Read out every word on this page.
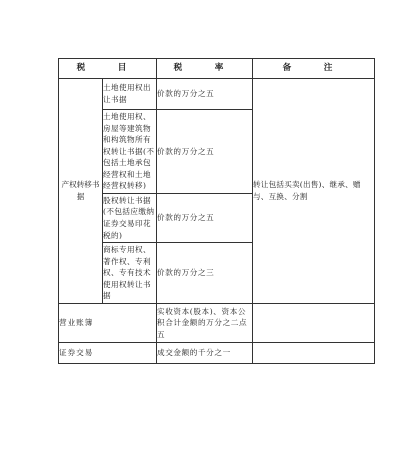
税　目		税　率	备　注
产权转移书据	土地使用权出让书据	价款的万分之五	转让包括买卖(出售)、继承、赠与、互换、分割
	土地使用权、房屋等建筑物和构筑物所有权转让书据(不包括土地承包经营权和土地经营权转移)	价款的万分之五	
	股权转让书据(不包括应缴纳证券交易印花税的)	价款的万分之五	
	商标专用权、著作权、专利权、专有技术使用权转让书据	价款的万分之三	
营业账簿		实收资本(股本)、资本公积合计金额的万分之二点五	
证券交易		成交金额的千分之一	
